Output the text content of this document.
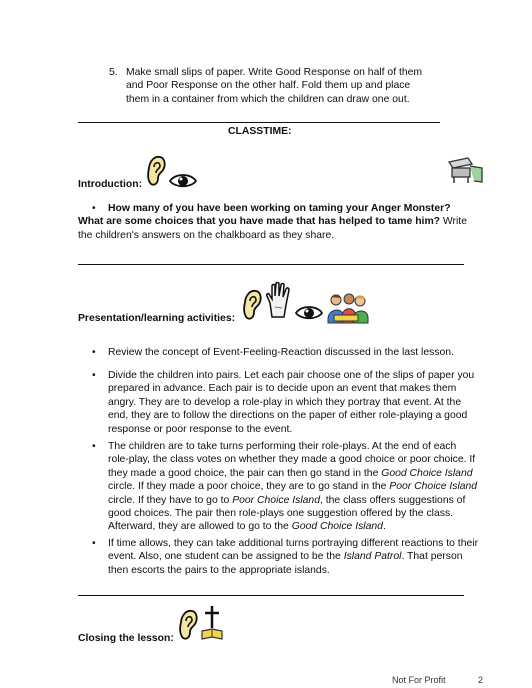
5. Make small slips of paper. Write Good Response on half of them
and Poor Response on the other half. Fold them up and place
them in a container from which the children can draw one out.
CLASSTIME:
Introduction:
• How many of you have been working on taming your Anger Monster?
What are some choices that you have made that has helped to tame him? Write
the children's answers on the chalkboard as they share.
Presentation/learning activities:
• Review the concept of Event-Feeling-Reaction discussed in the last lesson.
• Divide the children into pairs. Let each pair choose one of the slips of paper you
prepared in advance. Each pair is to decide upon an event that makes them
angry. They are to develop a role-play in which they portray that event. At the
end, they are to follow the directions on the paper of either role-playing a good
response or poor response to the event.
• The children are to take turns performing their role-plays. At the end of each
role-play, the class votes on whether they made a good choice or poor choice. If
they made a good choice, the pair can then go stand in the Good Choice Island
circle. If they made a poor choice, they are to go stand in the Poor Choice Island
circle. If they have to go to Poor Choice Island, the class offers suggestions of
good choices. The pair then role-plays one suggestion offered by the class.
Afterward, they are allowed to go to the Good Choice Island.
• If time allows, they can take additional turns portraying different reactions to their
event. Also, one student can be assigned to be the Island Patrol. That person
then escorts the pairs to the appropriate islands.
Closing the lesson:
Not For Profit	2
